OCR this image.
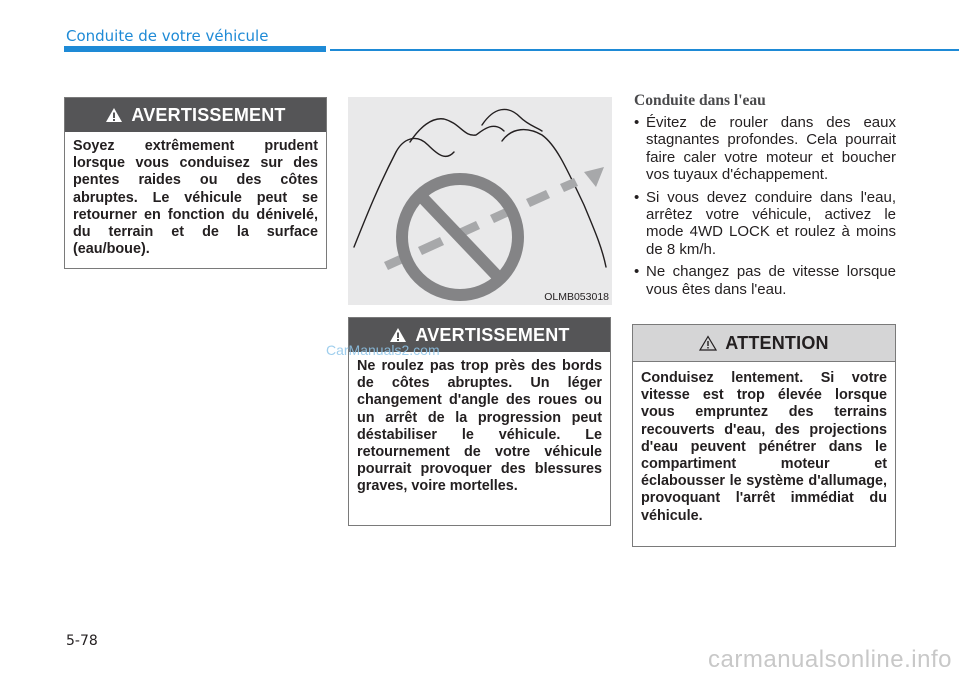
Conduite de votre véhicule
AVERTISSEMENT
Soyez extrêmement prudent lorsque vous conduisez sur des pentes raides ou des côtes abruptes. Le véhicule peut se retourner en fonction du dénivelé, du terrain et de la surface (eau/boue).
OLMB053018
AVERTISSEMENT
Ne roulez pas trop près des bords de côtes abruptes. Un léger changement d'angle des roues ou un arrêt de la progression peut déstabiliser le véhicule. Le retournement de votre véhicule pourrait provoquer des blessures graves, voire mortelles.
CarManuals2.com
Conduite dans l'eau
• Évitez de rouler dans des eaux stagnantes profondes. Cela pourrait faire caler votre moteur et boucher vos tuyaux d'échappement.
• Si vous devez conduire dans l'eau, arrêtez votre véhicule, activez le mode 4WD LOCK et roulez à moins de 8 km/h.
• Ne changez pas de vitesse lorsque vous êtes dans l'eau.
ATTENTION
Conduisez lentement. Si votre vitesse est trop élevée lorsque vous empruntez des terrains recouverts d'eau, des projections d'eau peuvent pénétrer dans le compartiment moteur et éclabousser le système d'allumage, provoquant l'arrêt immédiat du véhicule.
5-78
carmanualsonline.info
